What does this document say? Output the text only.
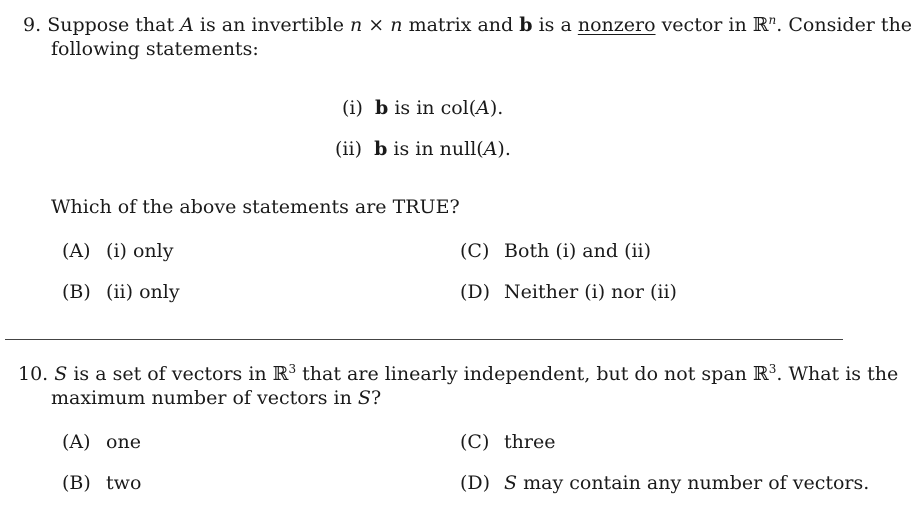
9. Suppose that A is an invertible n × n matrix and b is a nonzero vector in ℝ$^n$. Consider the
following statements:
(i) b is in col(A).
(ii) b is in null(A).
Which of the above statements are TRUE?
(A) (i) only
(B) (ii) only
(C) Both (i) and (ii)
(D) Neither (i) nor (ii)
10. S is a set of vectors in ℝ$^3$ that are linearly independent, but do not span ℝ$^3$. What is the
maximum number of vectors in S?
(A) one
(B) two
(C) three
(D) S may contain any number of vectors.
